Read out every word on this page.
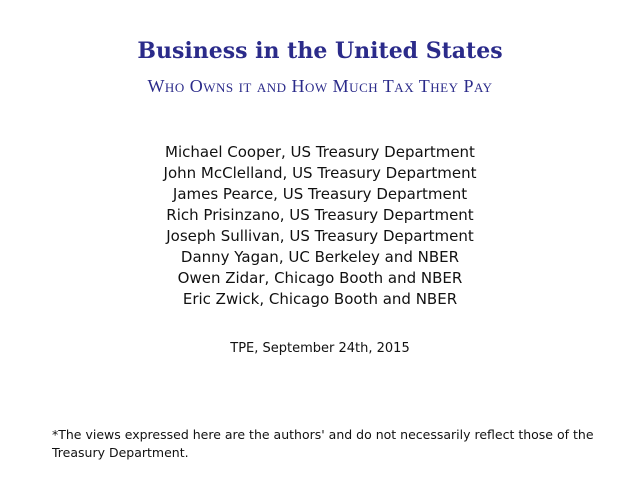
Business in the United States
Who Owns it and How Much Tax They Pay
Michael Cooper, US Treasury Department
John McClelland, US Treasury Department
James Pearce, US Treasury Department
Rich Prisinzano, US Treasury Department
Joseph Sullivan, US Treasury Department
Danny Yagan, UC Berkeley and NBER
Owen Zidar, Chicago Booth and NBER
Eric Zwick, Chicago Booth and NBER
TPE, September 24th, 2015
*The views expressed here are the authors' and do not necessarily reflect those of the Treasury Department.
